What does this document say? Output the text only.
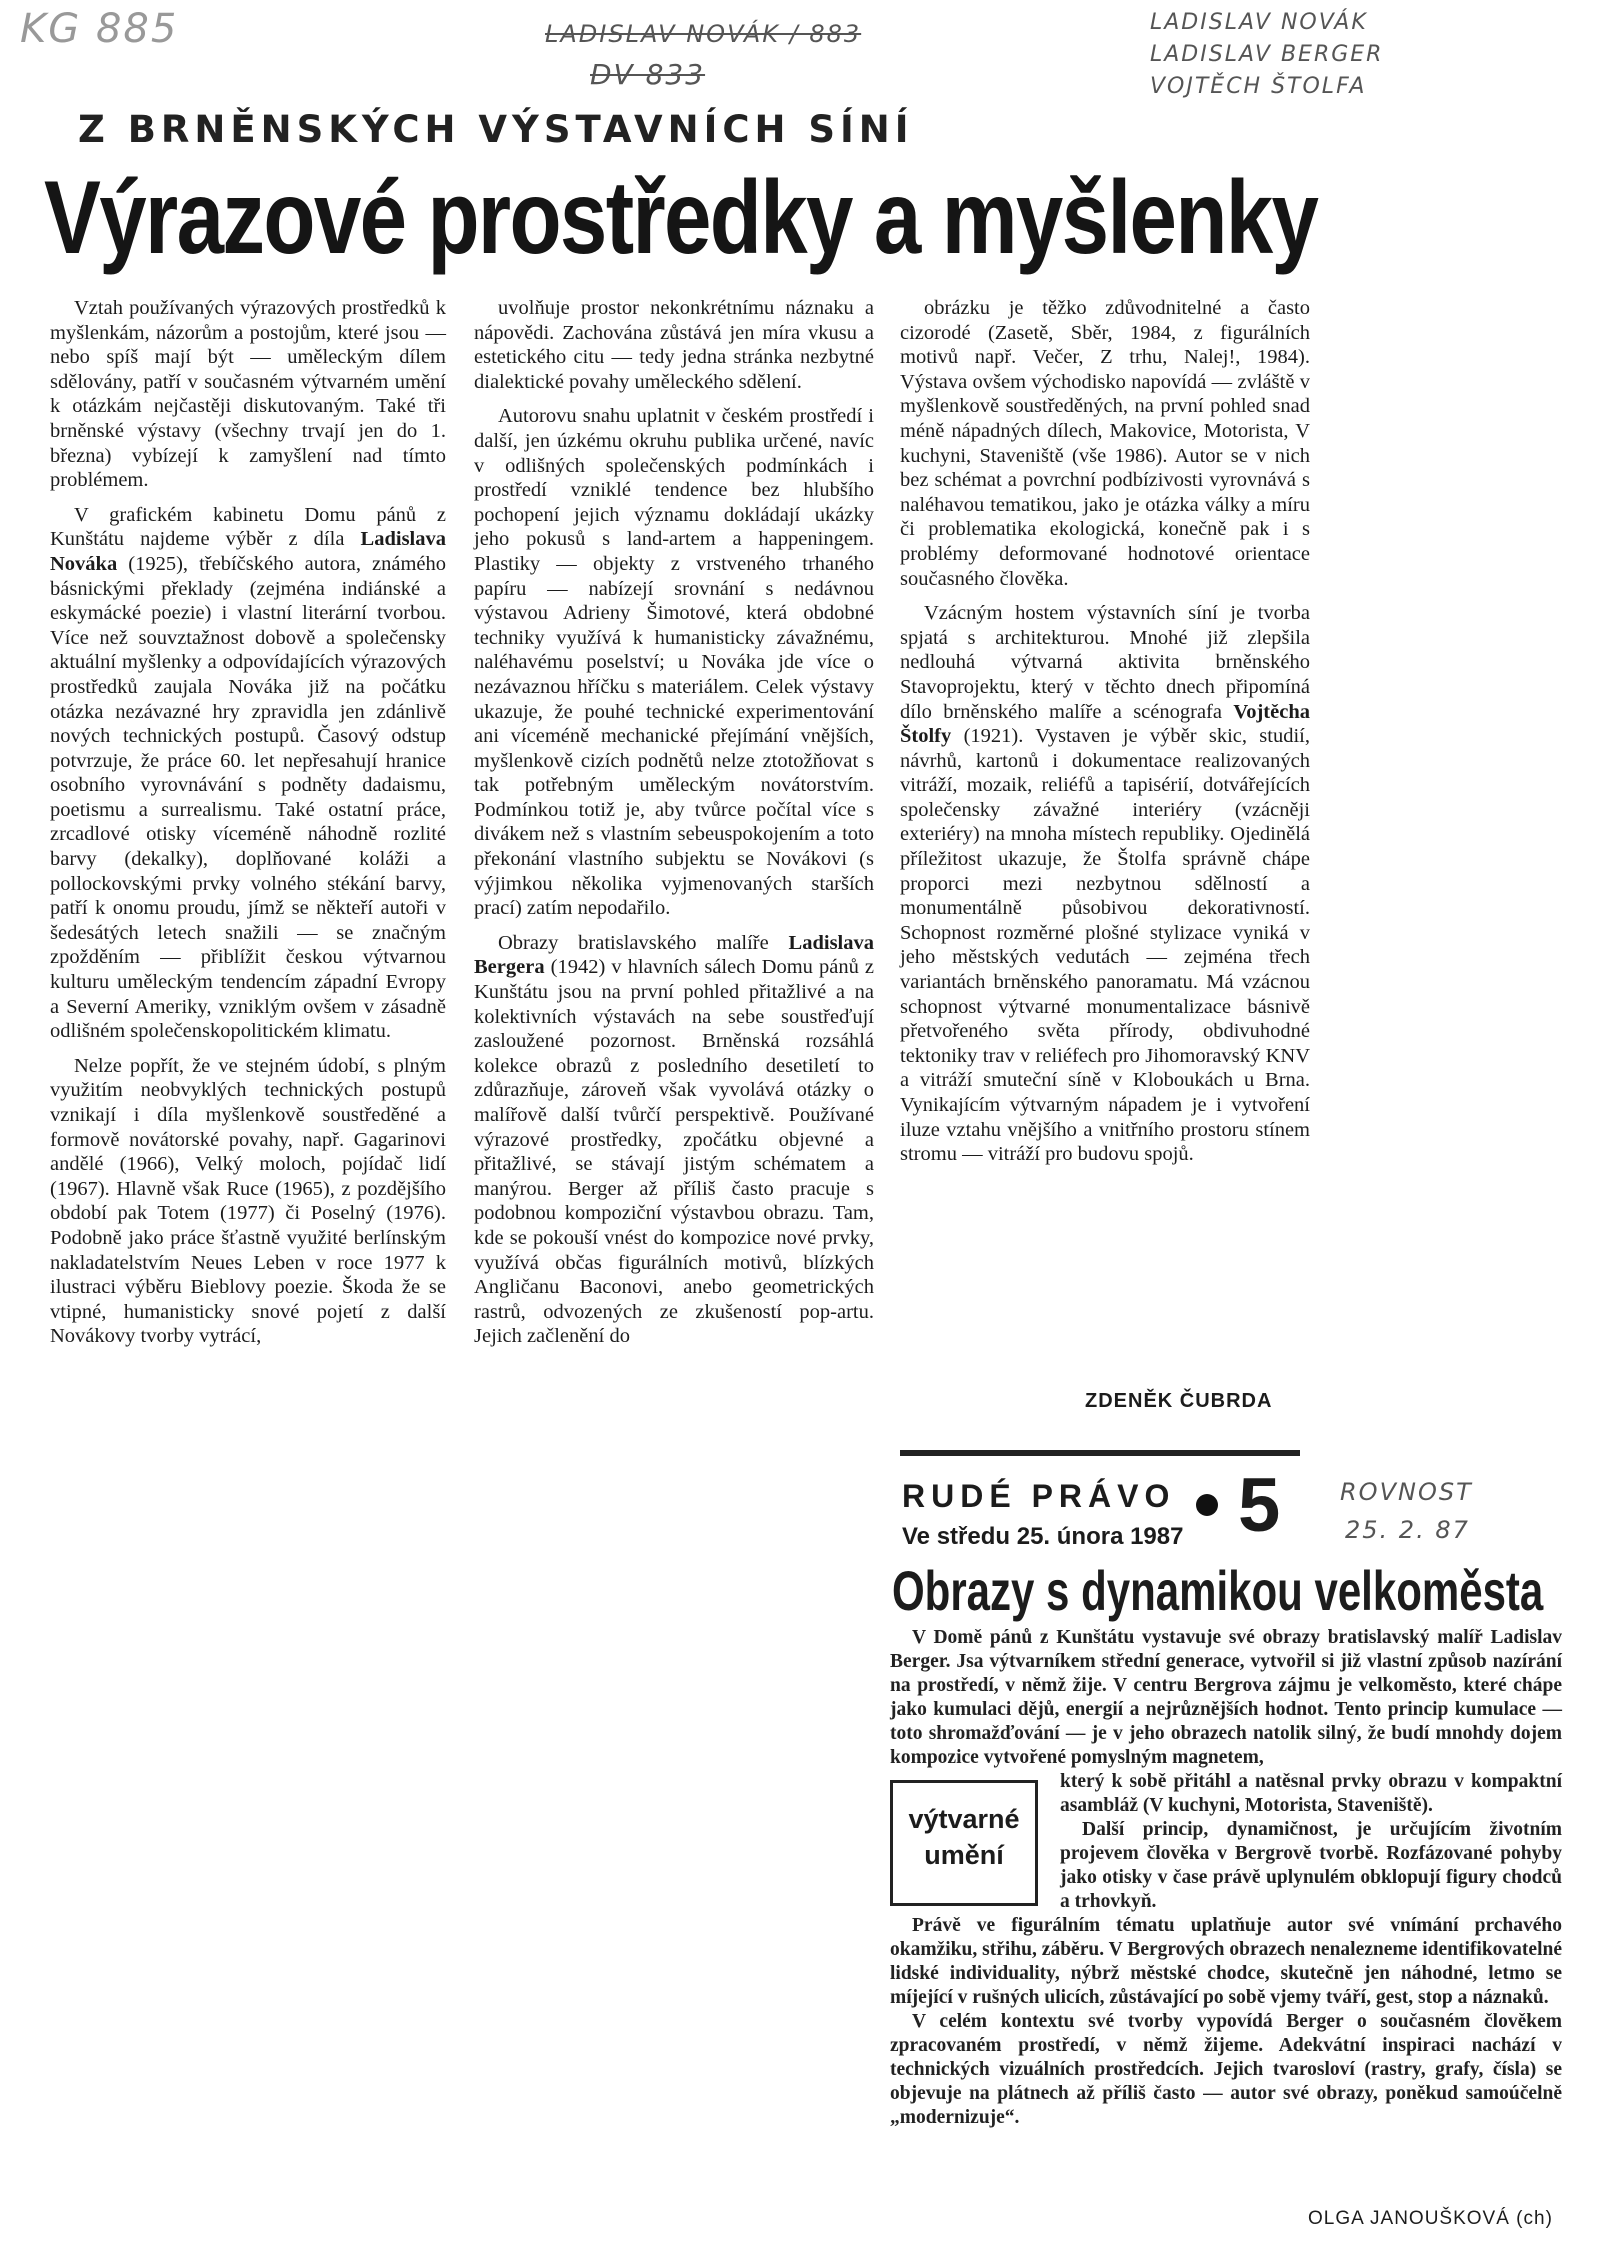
KG 885	LADISLAV NOVÁK / 883
DV 833
LADISLAV NOVÁK
LADISLAV BERGER
VOJTĚCH ŠTOLFA
ROVNOST
25. 2. 87
Z BRNĚNSKÝCH VÝSTAVNÍCH SÍNÍ
Výrazové prostředky a myšlenky

Vztah používaných výrazových prostředků k myšlenkám, názorům a postojům, které jsou — nebo spíš mají být — uměleckým dílem sdělovány, patří v současném výtvarném umění k otázkám nejčastěji diskutovaným. Také tři brněnské výstavy (všechny trvají jen do 1. března) vybízejí k zamyšlení nad tímto problémem.

V grafickém kabinetu Domu pánů z Kunštátu najdeme výběr z díla Ladislava Nováka (1925), třebíčského autora, známého básnickými překlady (zejména indiánské a eskymácké poezie) i vlastní literární tvorbou. Více než souvztažnost dobově a společensky aktuální myšlenky a odpovídajících výrazových prostředků zaujala Nováka již na počátku otázka nezávazné hry zpravidla jen zdánlivě nových technických postupů. Časový odstup potvrzuje, že práce 60. let nepřesahují hranice osobního vyrovnávání s podněty dadaismu, poetismu a surrealismu. Také ostatní práce, zrcadlové otisky víceméně náhodně rozlité barvy (dekalky), doplňované koláži a pollockovskými prvky volného stékání barvy, patří k onomu proudu, jímž se někteří autoři v šedesátých letech snažili — se značným zpožděním — přiblížit českou výtvarnou kulturu uměleckým tendencím západní Evropy a Severní Ameriky, vzniklým ovšem v zásadně odlišném společenskopolitickém klimatu.

Nelze popřít, že ve stejném údobí, s plným využitím neobvyklých technických postupů vznikají i díla myšlenkově soustředěné a formově novátorské povahy, např. Gagarinovi andělé (1966), Velký moloch, pojídač lidí (1967). Hlavně však Ruce (1965), z pozdějšího období pak Totem (1977) či Poselný (1976). Podobně jako práce šťastně využité berlínským nakladatelstvím Neues Leben v roce 1977 k ilustraci výběru Bieblovy poezie. Škoda že se vtipné, humanisticky snové pojetí z další Novákovy tvorby vytrácí,

uvolňuje prostor nekonkrétnímu náznaku a nápovědi. Zachována zůstává jen míra vkusu a estetického citu — tedy jedna stránka nezbytné dialektické povahy uměleckého sdělení.

Autorovu snahu uplatnit v českém prostředí i další, jen úzkému okruhu publika určené, navíc v odlišných společenských podmínkách i prostředí vzniklé tendence bez hlubšího pochopení jejich významu dokládají ukázky jeho pokusů s land-artem a happeningem. Plastiky — objekty z vrstveného trhaného papíru — nabízejí srovnání s nedávnou výstavou Adrieny Šimotové, která obdobné techniky využívá k humanisticky závažnému, naléhavému poselství; u Nováka jde více o nezávaznou hříčku s materiálem. Celek výstavy ukazuje, že pouhé technické experimentování ani víceméně mechanické přejímání vnějších, myšlenkově cizích podnětů nelze ztotožňovat s tak potřebným uměleckým novátorstvím. Podmínkou totiž je, aby tvůrce počítal více s divákem než s vlastním sebeuspokojením a toto překonání vlastního subjektu se Novákovi (s výjimkou několika vyjmenovaných starších prací) zatím nepodařilo.

Obrazy bratislavského malíře Ladislava Bergera (1942) v hlavních sálech Domu pánů z Kunštátu jsou na první pohled přitažlivé a na kolektivních výstavách na sebe soustřeďují zasloužené pozornost. Brněnská rozsáhlá kolekce obrazů z posledního desetiletí to zdůrazňuje, zároveň však vyvolává otázky o malířově další tvůrčí perspektivě. Používané výrazové prostředky, zpočátku objevné a přitažlivé, se stávají jistým schématem a manýrou. Berger až příliš často pracuje s podobnou kompoziční výstavbou obrazu. Tam, kde se pokouší vnést do kompozice nové prvky, využívá občas figurálních motivů, blízkých Angličanu Baconovi, anebo geometrických rastrů, odvozených ze zkušeností pop-artu. Jejich začlenění do

obrázku je těžko zdůvodnitelné a často cizorodé (Zasetě, Sběr, 1984, z figurálních motivů např. Večer, Z trhu, Nalej!, 1984). Výstava ovšem východisko napovídá — zvláště v myšlenkově soustředěných, na první pohled snad méně nápadných dílech, Makovice, Motorista, V kuchyni, Staveniště (vše 1986). Autor se v nich bez schémat a povrchní podbízivosti vyrovnává s naléhavou tematikou, jako je otázka války a míru či problematika ekologická, konečně pak i s problémy deformované hodnotové orientace současného člověka.

Vzácným hostem výstavních síní je tvorba spjatá s architekturou. Mnohé již zlepšila nedlouhá výtvarná aktivita brněnského Stavoprojektu, který v těchto dnech připomíná dílo brněnského malíře a scénografa Vojtěcha Štolfy (1921). Vystaven je výběr skic, studií, návrhů, kartonů i dokumentace realizovaných vitráží, mozaik, reliéfů a tapisérií, dotvářejících společensky závažné interiéry (vzácněji exteriéry) na mnoha místech republiky. Ojedinělá příležitost ukazuje, že Štolfa správně chápe proporci mezi nezbytnou sdělností a monumentálně působivou dekorativností. Schopnost rozměrné plošné stylizace vyniká v jeho městských vedutách — zejména třech variantách brněnského panoramatu. Má vzácnou schopnost výtvarné monumentalizace básnivě přetvořeného světa přírody, obdivuhodné tektoniky trav v reliéfech pro Jihomoravský KNV a vitráží smuteční síně v Kloboukách u Brna. Vynikajícím výtvarným nápadem je i vytvoření iluze vztahu vnějšího a vnitřního prostoru stínem stromu — vitráží pro budovu spojů.

ZDENĚK ČUBRDA
RUDÉ PRÁVO 5
Ve středu 25. února 1987
Obrazy s dynamikou velkoměsta

V Domě pánů z Kunštátu vystavuje své obrazy bratislavský malíř Ladislav Berger. Jsa výtvarníkem střední generace, vytvořil si již vlastní způsob nazírání na prostředí, v němž žije. V centru Bergrova zájmu je velkoměsto, které chápe jako kumulaci dějů, energií a nejrůznějších hodnot. Tento princip kumulace — toto shromažďování — je v jeho obrazech natolik silný, že budí mnohdy dojem kompozice vytvořené pomyslným magnetem,

který k sobě přitáhl a natěsnal prvky obrazu v kompaktní asambláž (V kuchyni, Motorista, Staveniště).

Další princip, dynamičnost, je určujícím životním projevem člověka v Bergrově tvorbě. Rozfázované pohyby jako otisky v čase právě uplynulém obklopují figury chodců a trhovkyň.

Právě ve figurálním tématu uplatňuje autor své vnímání prchavého okamžiku, střihu, záběru. V Bergrových obrazech nenalezneme identifikovatelné lidské individuality, nýbrž městské chodce, skutečně jen náhodné, letmo se míjející v rušných ulicích, zůstávající po sobě vjemy tváří, gest, stop a náznaků.

V celém kontextu své tvorby vypovídá Berger o současném člověkem zpracovaném prostředí, v němž žijeme. Adekvátní inspiraci nachází v technických vizuálních prostředcích. Jejich tvarosloví (rastry, grafy, čísla) se objevuje na plátnech až příliš často — autor své obrazy, poněkud samoúčelně „modernizuje“.

výtvarné
umění
OLGA JANOUŠKOVÁ (ch)
